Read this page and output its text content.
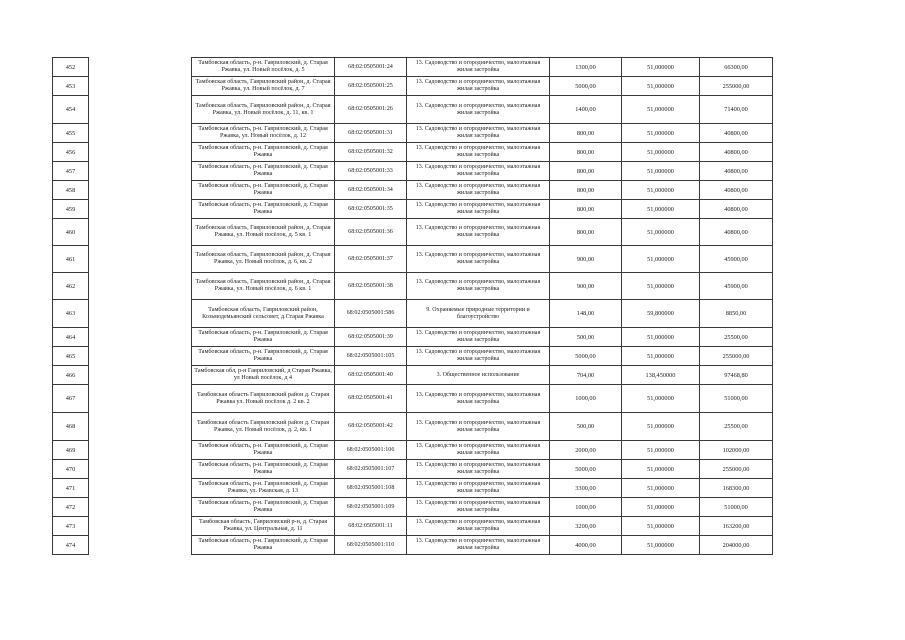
452		Тамбовская область, р-н. Гавриловский, д. Старая Ржавка, ул. Новый посёлок, д. 5	68:02:0505001:24	13. Садоводство и огородничество, малоэтажная жилая застройка	1300,00	51,000000	66300,00
453		Тамбовская область, Гавриловский район, д. Старая Ржавка, ул. Новый посёлок, д. 7	68:02:0505001:25	13. Садоводство и огородничество, малоэтажная жилая застройка	5000,00	51,000000	255000,00
454		Тамбовская область, Гавриловский район, д. Старая Ржавка, ул. Новый посёлок, д. 11, кв. 1	68:02:0505001:26	13. Садоводство и огородничество, малоэтажная жилая застройка	1400,00	51,000000	71400,00
455		Тамбовская область, р-н. Гавриловский, д. Старая Ржавка, ул. Новый посёлок, д. 12	68:02:0505001:31	13. Садоводство и огородничество, малоэтажная жилая застройка	800,00	51,000000	40800,00
456		Тамбовская область, р-н. Гавриловский, д. Старая Ржавка	68:02:0505001:32	13. Садоводство и огородничество, малоэтажная жилая застройка	800,00	51,000000	40800,00
457		Тамбовская область, р-н. Гавриловский, д. Старая Ржавка	68:02:0505001:33	13. Садоводство и огородничество, малоэтажная жилая застройка	800,00	51,000000	40800,00
458		Тамбовская область, р-н. Гавриловский, д. Старая Ржавка	68:02:0505001:34	13. Садоводство и огородничество, малоэтажная жилая застройка	800,00	51,000000	40800,00
459		Тамбовская область, р-н. Гавриловский, д. Старая Ржавка	68:02:0505001:35	13. Садоводство и огородничество, малоэтажная жилая застройка	800,00	51,000000	40800,00
460		Тамбовская область, Гавриловский район, д. Старая Ржавка, ул. Новый посёлок, д. 5 кв. 1	68:02:0505001:36	13. Садоводство и огородничество, малоэтажная жилая застройка	800,00	51,000000	40800,00
461		Тамбовская область, Гавриловский район, д. Старая Ржавка, ул. Новый посёлок, д. 6, кв. 2	68:02:0505001:37	13. Садоводство и огородничество, малоэтажная жилая застройка	900,00	51,000000	45900,00
462		Тамбовская область, Гавриловский район, д. Старая Ржавка, ул. Новый посёлок, д. 6 кв. 1	68:02:0505001:38	13. Садоводство и огородничество, малоэтажная жилая застройка	900,00	51,000000	45900,00
463		Тамбовская область, Гавриловский район, Козьмодемьянский сельсовет, д.Старая Ржавка	68:02:0505001:586	9. Охраняемые природные территории и благоустройство	148,00	59,800000	8850,00
464		Тамбовская область, р-н. Гавриловский, д. Старая Ржавка	68:02:0505001:39	13. Садоводство и огородничество, малоэтажная жилая застройка	500,00	51,000000	25500,00
465		Тамбовская область, р-н. Гавриловский, д. Старая Ржавка	68:02:0505001:105	13. Садоводство и огородничество, малоэтажная жилая застройка	5000,00	51,000000	255000,00
466		Тамбовская обл, р-н Гавриловский, д Старая Ржавка, ул Новый посёлок, д 4	68:02:0505001:40	3. Общественное использование	704,00	138,450000	97468,80
467		Тамбовская область Гавриловский район д. Старая Ржавка ул. Новый посёлок д. 2 кв. 2	68:02:0505001:41	13. Садоводство и огородничество, малоэтажная жилая застройка	1000,00	51,000000	51000,00
468		Тамбовская область Гавриловский район д. Старая Ржавка, ул. Новый посёлок, д. 2, кв. 1	68:02:0505001:42	13. Садоводство и огородничество, малоэтажная жилая застройка	500,00	51,000000	25500,00
469		Тамбовская область, р-н. Гавриловский, д. Старая Ржавка	68:02:0505001:106	13. Садоводство и огородничество, малоэтажная жилая застройка	2000,00	51,000000	102000,00
470		Тамбовская область, р-н. Гавриловский, д. Старая Ржавка	68:02:0505001:107	13. Садоводство и огородничество, малоэтажная жилая застройка	5000,00	51,000000	255000,00
471		Тамбовская область, р-н. Гавриловский, д. Старая Ржавка, ул. Ржавская, д. 13	68:02:0505001:108	13. Садоводство и огородничество, малоэтажная жилая застройка	3300,00	51,000000	168300,00
472		Тамбовская область, р-н. Гавриловский, д. Старая Ржавка	68:02:0505001:109	13. Садоводство и огородничество, малоэтажная жилая застройка	1000,00	51,000000	51000,00
473		Тамбовская область, Гавриловский р-н, д. Старая Ржавка, ул. Центральная, д. 11	68:02:0505001:11	13. Садоводство и огородничество, малоэтажная жилая застройка	3200,00	51,000000	163200,00
474		Тамбовская область, р-н. Гавриловский, д. Старая Ржавка	68:02:0505001:110	13. Садоводство и огородничество, малоэтажная жилая застройка	4000,00	51,000000	204000,00
